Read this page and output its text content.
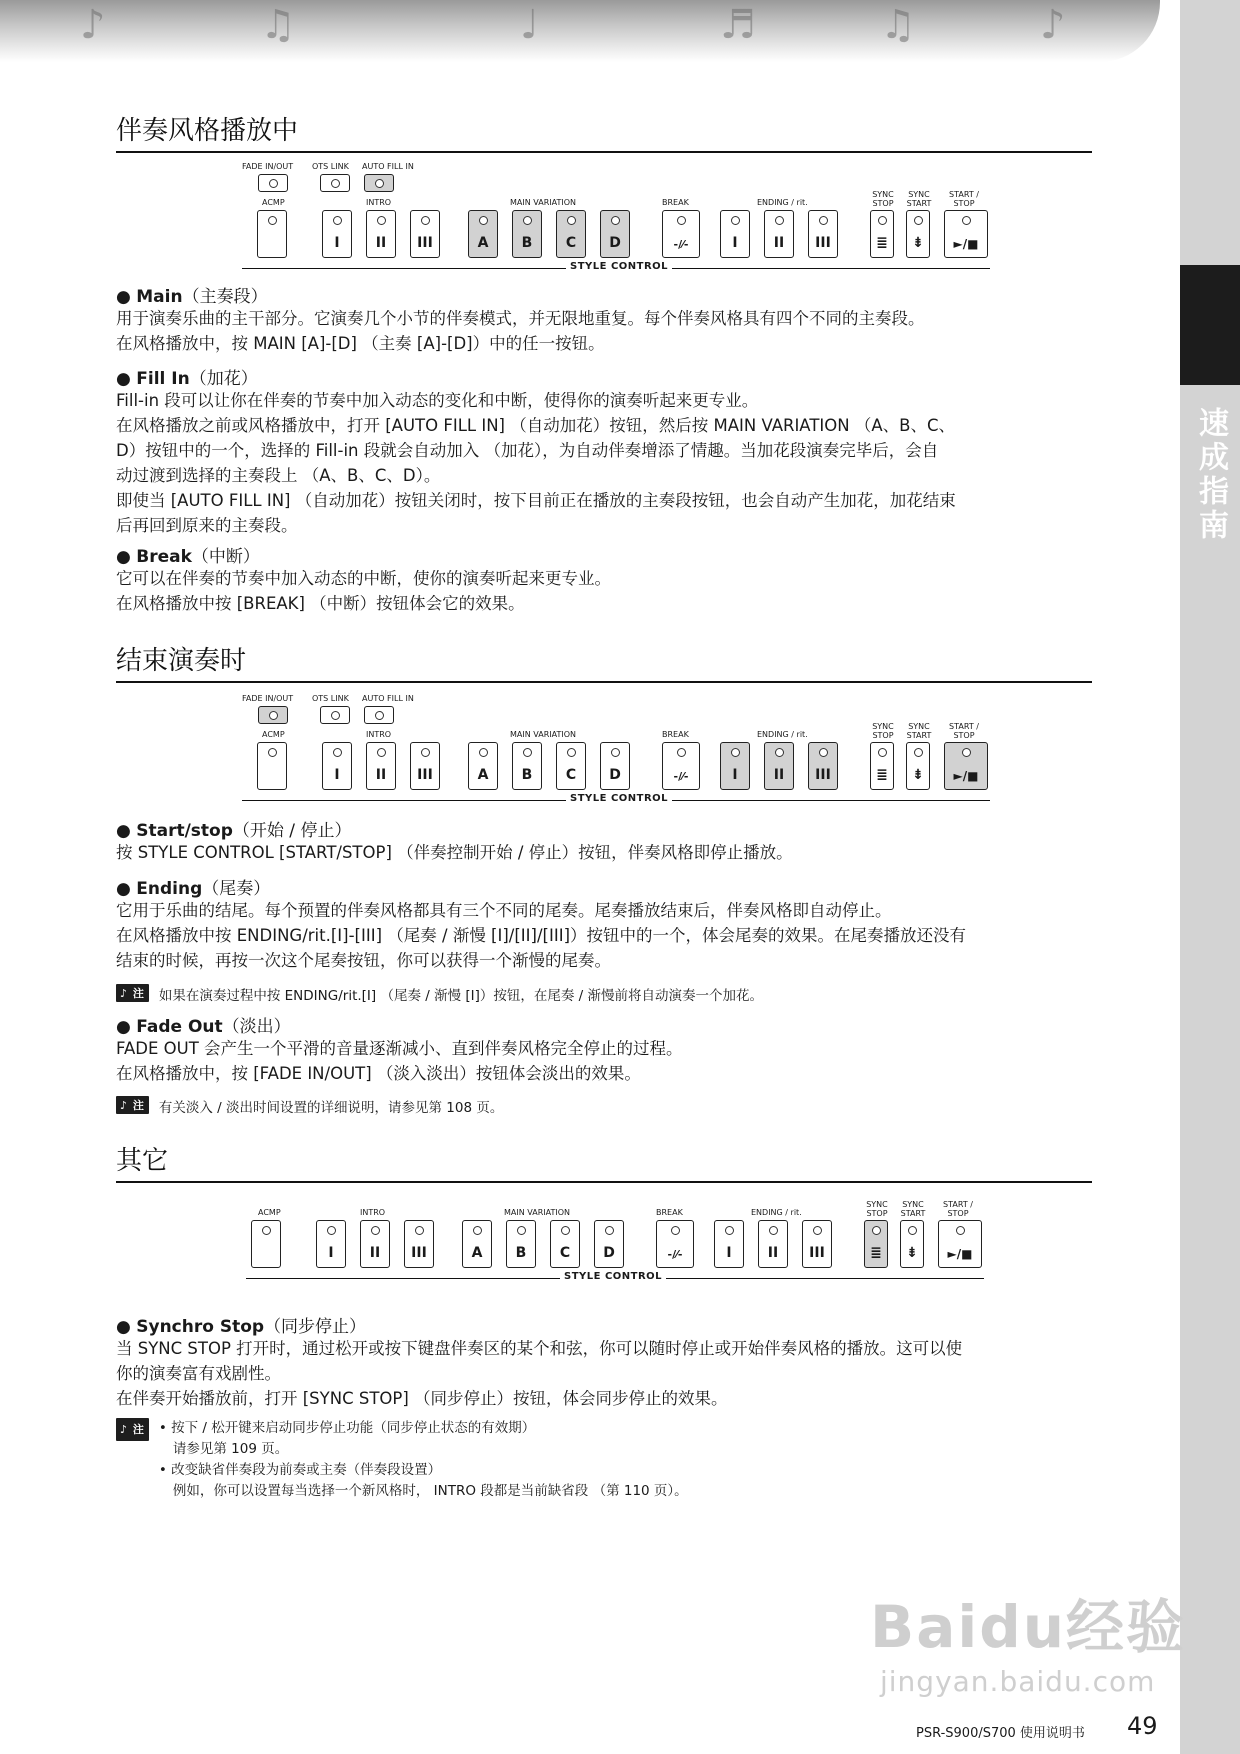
♪	♫	♩	♬	♫	♪
速成指南
伴奏风格播放中
FADE IN/OUT OTS LINK AUTO FILL IN
ACMP	INTRO	MAIN VARIATION	BREAK	ENDING / rit.
SYNC STOP
SYNC START
START / STOP
I	II III	A B C D	-/⁄-	I	II III	≣ ⇟ ►/■
STYLE CONTROL
● Main（主奏段）

用于演奏乐曲的主干部分。它演奏几个小节的伴奏模式，并无限地重复。每个伴奏风格具有四个不同的主奏段。

在风格播放中，按 MAIN [A]-[D] （主奏 [A]-[D]）中的任一按钮。

● Fill In（加花）

Fill-in 段可以让你在伴奏的节奏中加入动态的变化和中断，使得你的演奏听起来更专业。

在风格播放之前或风格播放中，打开 [AUTO FILL IN] （自动加花）按钮，然后按 MAIN VARIATION （A、B、C、

D）按钮中的一个，选择的 Fill-in 段就会自动加入 （加花），为自动伴奏增添了情趣。当加花段演奏完毕后，会自

动过渡到选择的主奏段上 （A、B、C、D）。

即使当 [AUTO FILL IN] （自动加花）按钮关闭时，按下目前正在播放的主奏段按钮，也会自动产生加花，加花结束

后再回到原来的主奏段。

● Break（中断）

它可以在伴奏的节奏中加入动态的中断，使你的演奏听起来更专业。

在风格播放中按 [BREAK] （中断）按钮体会它的效果。

结束演奏时
FADE IN/OUT OTS LINK AUTO FILL IN
ACMP	INTRO	MAIN VARIATION	BREAK	ENDING / rit.
SYNC STOP
SYNC START
START / STOP
I	II III	A B C D	-/⁄-	I	II III	≣ ⇟ ►/■
STYLE CONTROL
● Start/stop（开始 / 停止）

按 STYLE CONTROL [START/STOP] （伴奏控制开始 / 停止）按钮，伴奏风格即停止播放。

● Ending（尾奏）

它用于乐曲的结尾。每个预置的伴奏风格都具有三个不同的尾奏。尾奏播放结束后，伴奏风格即自动停止。

在风格播放中按 ENDING/rit.[I]-[III] （尾奏 / 渐慢 [I]/[II]/[III]）按钮中的一个，体会尾奏的效果。在尾奏播放还没有

结束的时候，再按一次这个尾奏按钮，你可以获得一个渐慢的尾奏。

♪ 注 如果在演奏过程中按 ENDING/rit.[I] （尾奏 / 渐慢 [I]）按钮，在尾奏 / 渐慢前将自动演奏一个加花。
● Fade Out（淡出）

FADE OUT 会产生一个平滑的音量逐渐减小、直到伴奏风格完全停止的过程。

在风格播放中，按 [FADE IN/OUT] （淡入淡出）按钮体会淡出的效果。

♪ 注 有关淡入 / 淡出时间设置的详细说明，请参见第 108 页。
其它
ACMP	INTRO	MAIN VARIATION	BREAK	ENDING / rit.
SYNC STOP
SYNC START
START / STOP
I	II III	A B C D	-/⁄-	I	II III	≣ ⇟ ►/■
STYLE CONTROL
● Synchro Stop（同步停止）

当 SYNC STOP 打开时，通过松开或按下键盘伴奏区的某个和弦，你可以随时停止或开始伴奏风格的播放。这可以使

你的演奏富有戏剧性。

在伴奏开始播放前，打开 [SYNC STOP] （同步停止）按钮，体会同步停止的效果。

♪ 注 • 按下 / 松开键来启动同步停止功能（同步停止状态的有效期）
请参见第 109 页。
• 改变缺省伴奏段为前奏或主奏（伴奏段设置）
例如，你可以设置每当选择一个新风格时， INTRO 段都是当前缺省段 （第 110 页）。
Baidu经验
jingyan.baidu.com
PSR-S900/S700 使用说明书 49
